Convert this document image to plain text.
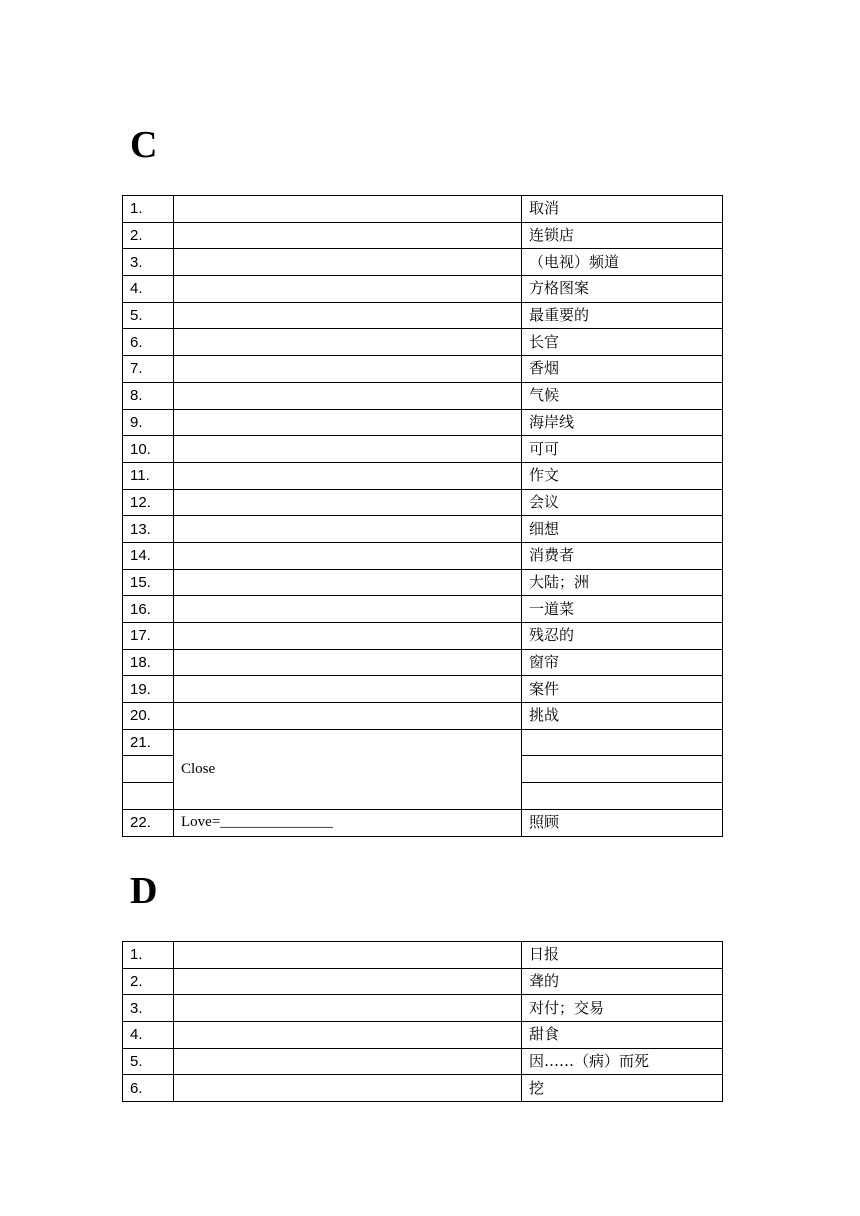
C
1.		取消
2.		连锁店
3.		（电视）频道
4.		方格图案
5.		最重要的
6.		长官
7.		香烟
8.		气候
9.		海岸线
10.		可可
11.		作文
12.		会议
13.		细想
14.		消费者
15.		大陆；洲
16.		一道菜
17.		残忍的
18.		窗帘
19.		案件
20.		挑战
21.	Close	

22.	Love=_______________	照顾
D
1.		日报
2.		聋的
3.		对付；交易
4.		甜食
5.		因……（病）而死
6.		挖
